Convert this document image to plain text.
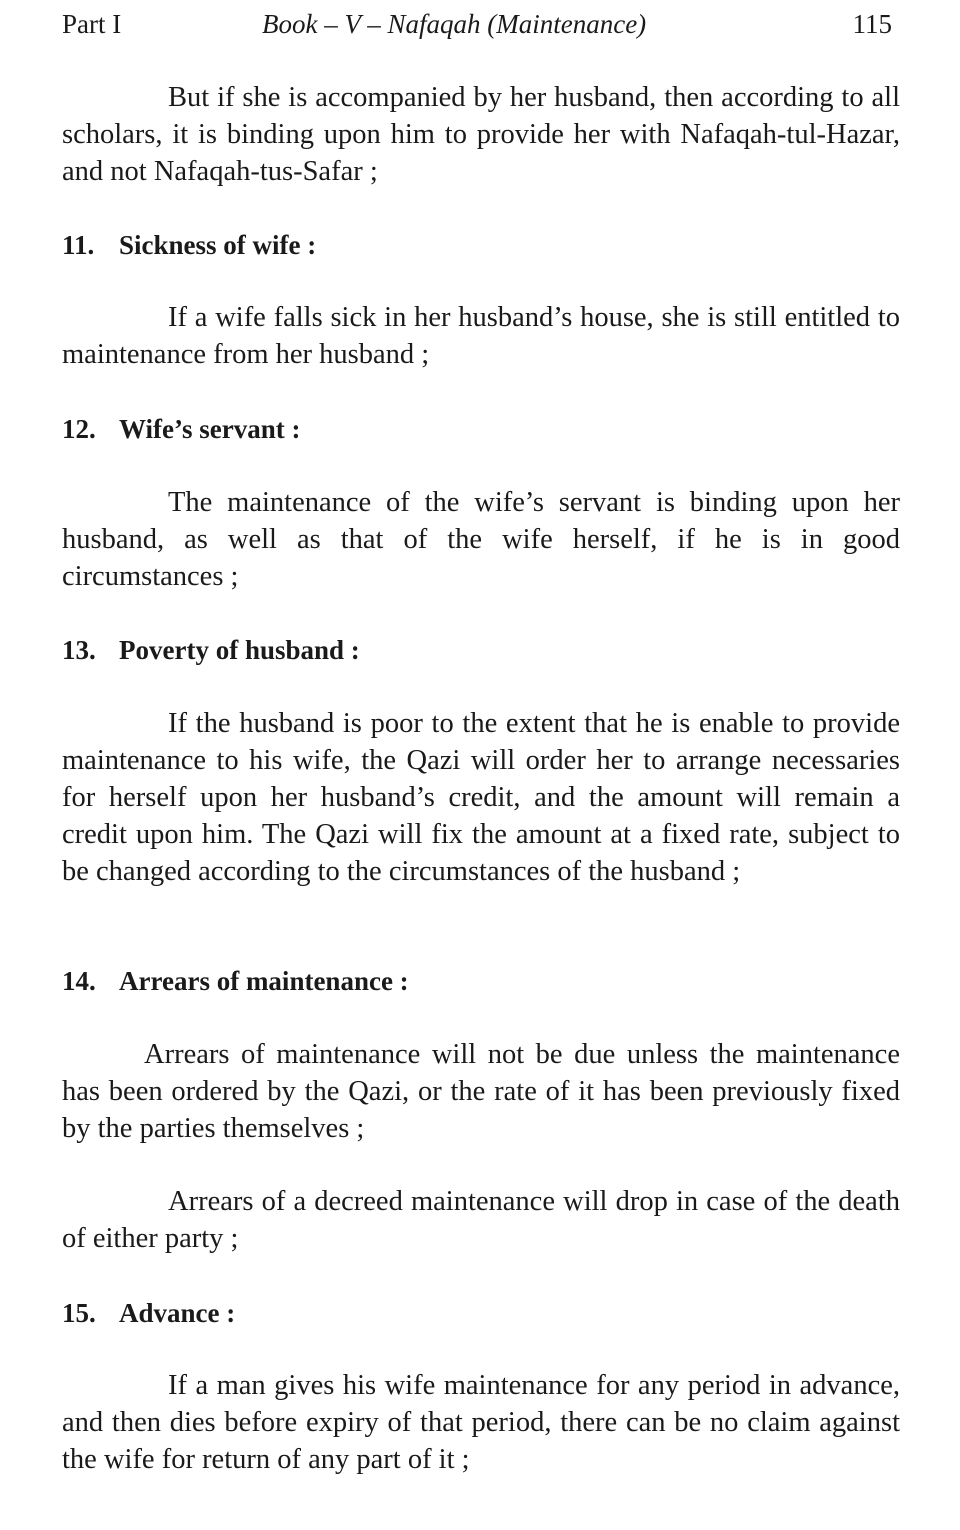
Part I	Book – V – Nafaqah (Maintenance)	115

But if she is accompanied by her husband, then according to all scholars, it is binding upon him to provide her with Nafaqah-tul-Hazar, and not Nafaqah-tus-Safar ;

11. Sickness of wife :

If a wife falls sick in her husband’s house, she is still entitled to maintenance from her husband ;

12. Wife’s servant :

The maintenance of the wife’s servant is binding upon her husband, as well as that of the wife herself, if he is in good circumstances ;

13. Poverty of husband :

If the husband is poor to the extent that he is enable to provide maintenance to his wife, the Qazi will order her to arrange necessaries for herself upon her husband’s credit, and the amount will remain a credit upon him. The Qazi will fix the amount at a fixed rate, subject to be changed according to the circumstances of the husband ;

14. Arrears of maintenance :

Arrears of maintenance will not be due unless the maintenance has been ordered by the Qazi, or the rate of it has been previously fixed by the parties themselves ;

Arrears of a decreed maintenance will drop in case of the death of either party ;

15. Advance :

If a man gives his wife maintenance for any period in advance, and then dies before expiry of that period, there can be no claim against the wife for return of any part of it ;
